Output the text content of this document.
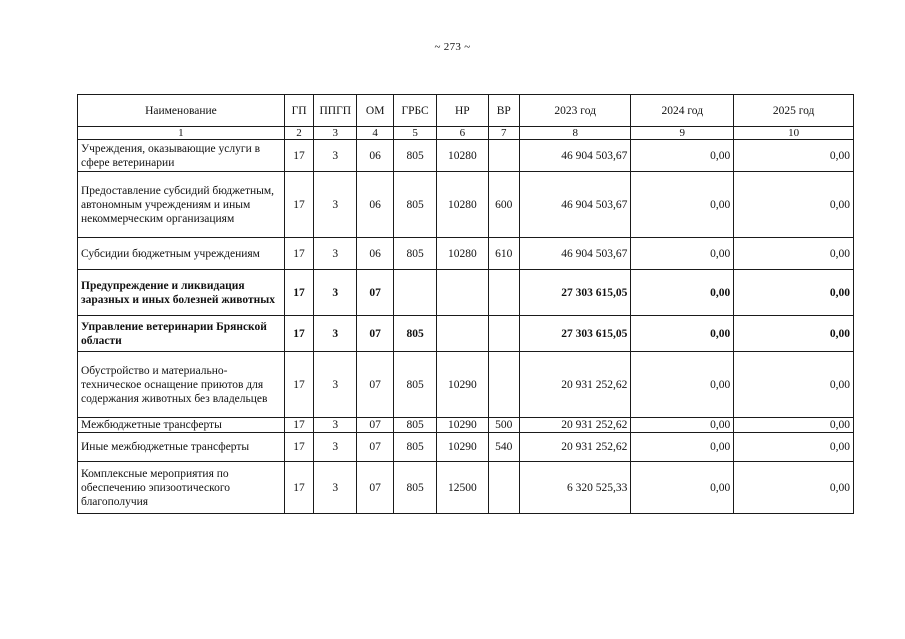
~ 273 ~
Наименование	ГП	ППГП	ОМ	ГРБС	НР	ВР	2023 год	2024 год	2025 год
1	2	3	4	5	6	7	8	9	10
Учреждения, оказывающие услуги в сфере ветеринарии	17	3	06	805	10280		46 904 503,67	0,00	0,00
Предоставление субсидий бюджетным, автономным учреждениям и иным некоммерческим организациям	17	3	06	805	10280	600	46 904 503,67	0,00	0,00
Субсидии бюджетным учреждениям	17	3	06	805	10280	610	46 904 503,67	0,00	0,00
Предупреждение и ликвидация заразных и иных болезней животных	17	3	07				27 303 615,05	0,00	0,00
Управление ветеринарии Брянской области	17	3	07	805			27 303 615,05	0,00	0,00
Обустройство и материально-техническое оснащение приютов для содержания животных без владельцев	17	3	07	805	10290		20 931 252,62	0,00	0,00
Межбюджетные трансферты	17	3	07	805	10290	500	20 931 252,62	0,00	0,00
Иные межбюджетные трансферты	17	3	07	805	10290	540	20 931 252,62	0,00	0,00
Комплексные мероприятия по обеспечению эпизоотического благополучия	17	3	07	805	12500		6 320 525,33	0,00	0,00
